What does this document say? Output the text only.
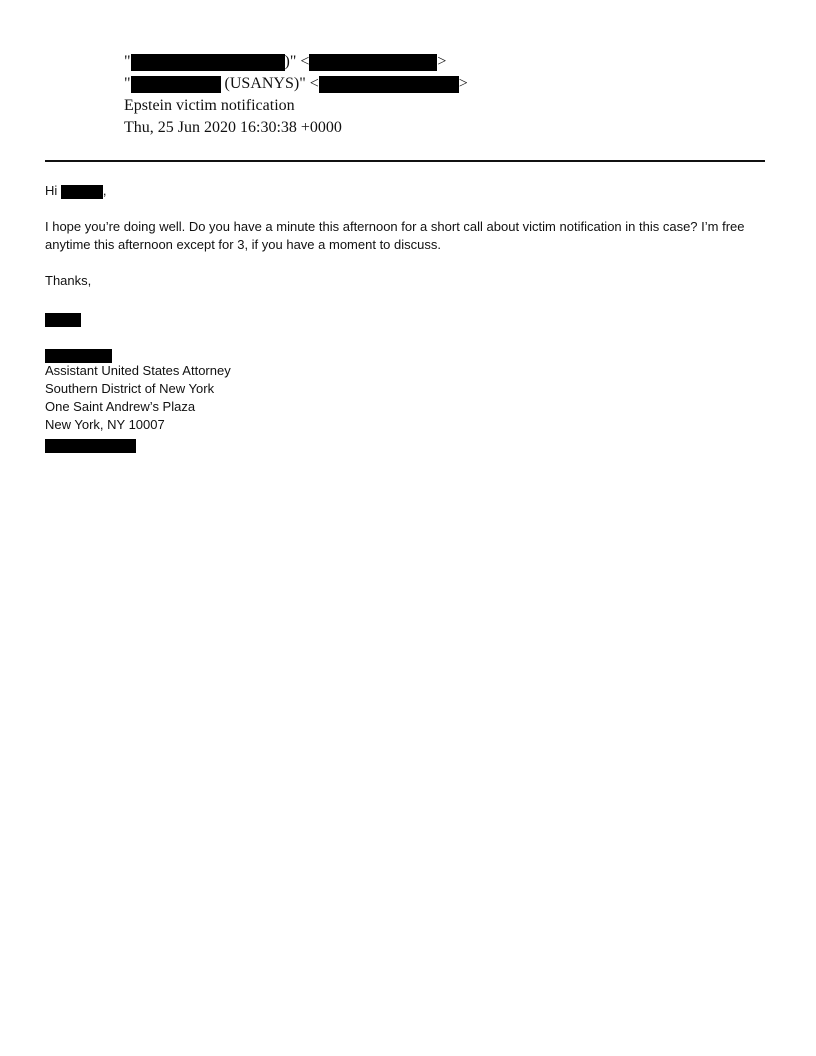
"	)" <	>
"	(USANYS)" <	>
Epstein victim notification
Thu, 25 Jun 2020 16:30:38 +0000
Hi	,

I hope you’re doing well. Do you have a minute this afternoon for a short call about victim notification in this case? I’m free anytime this afternoon except for 3, if you have a moment to discuss.

Thanks,
Assistant United States Attorney
Southern District of New York
One Saint Andrew’s Plaza
New York, NY 10007
